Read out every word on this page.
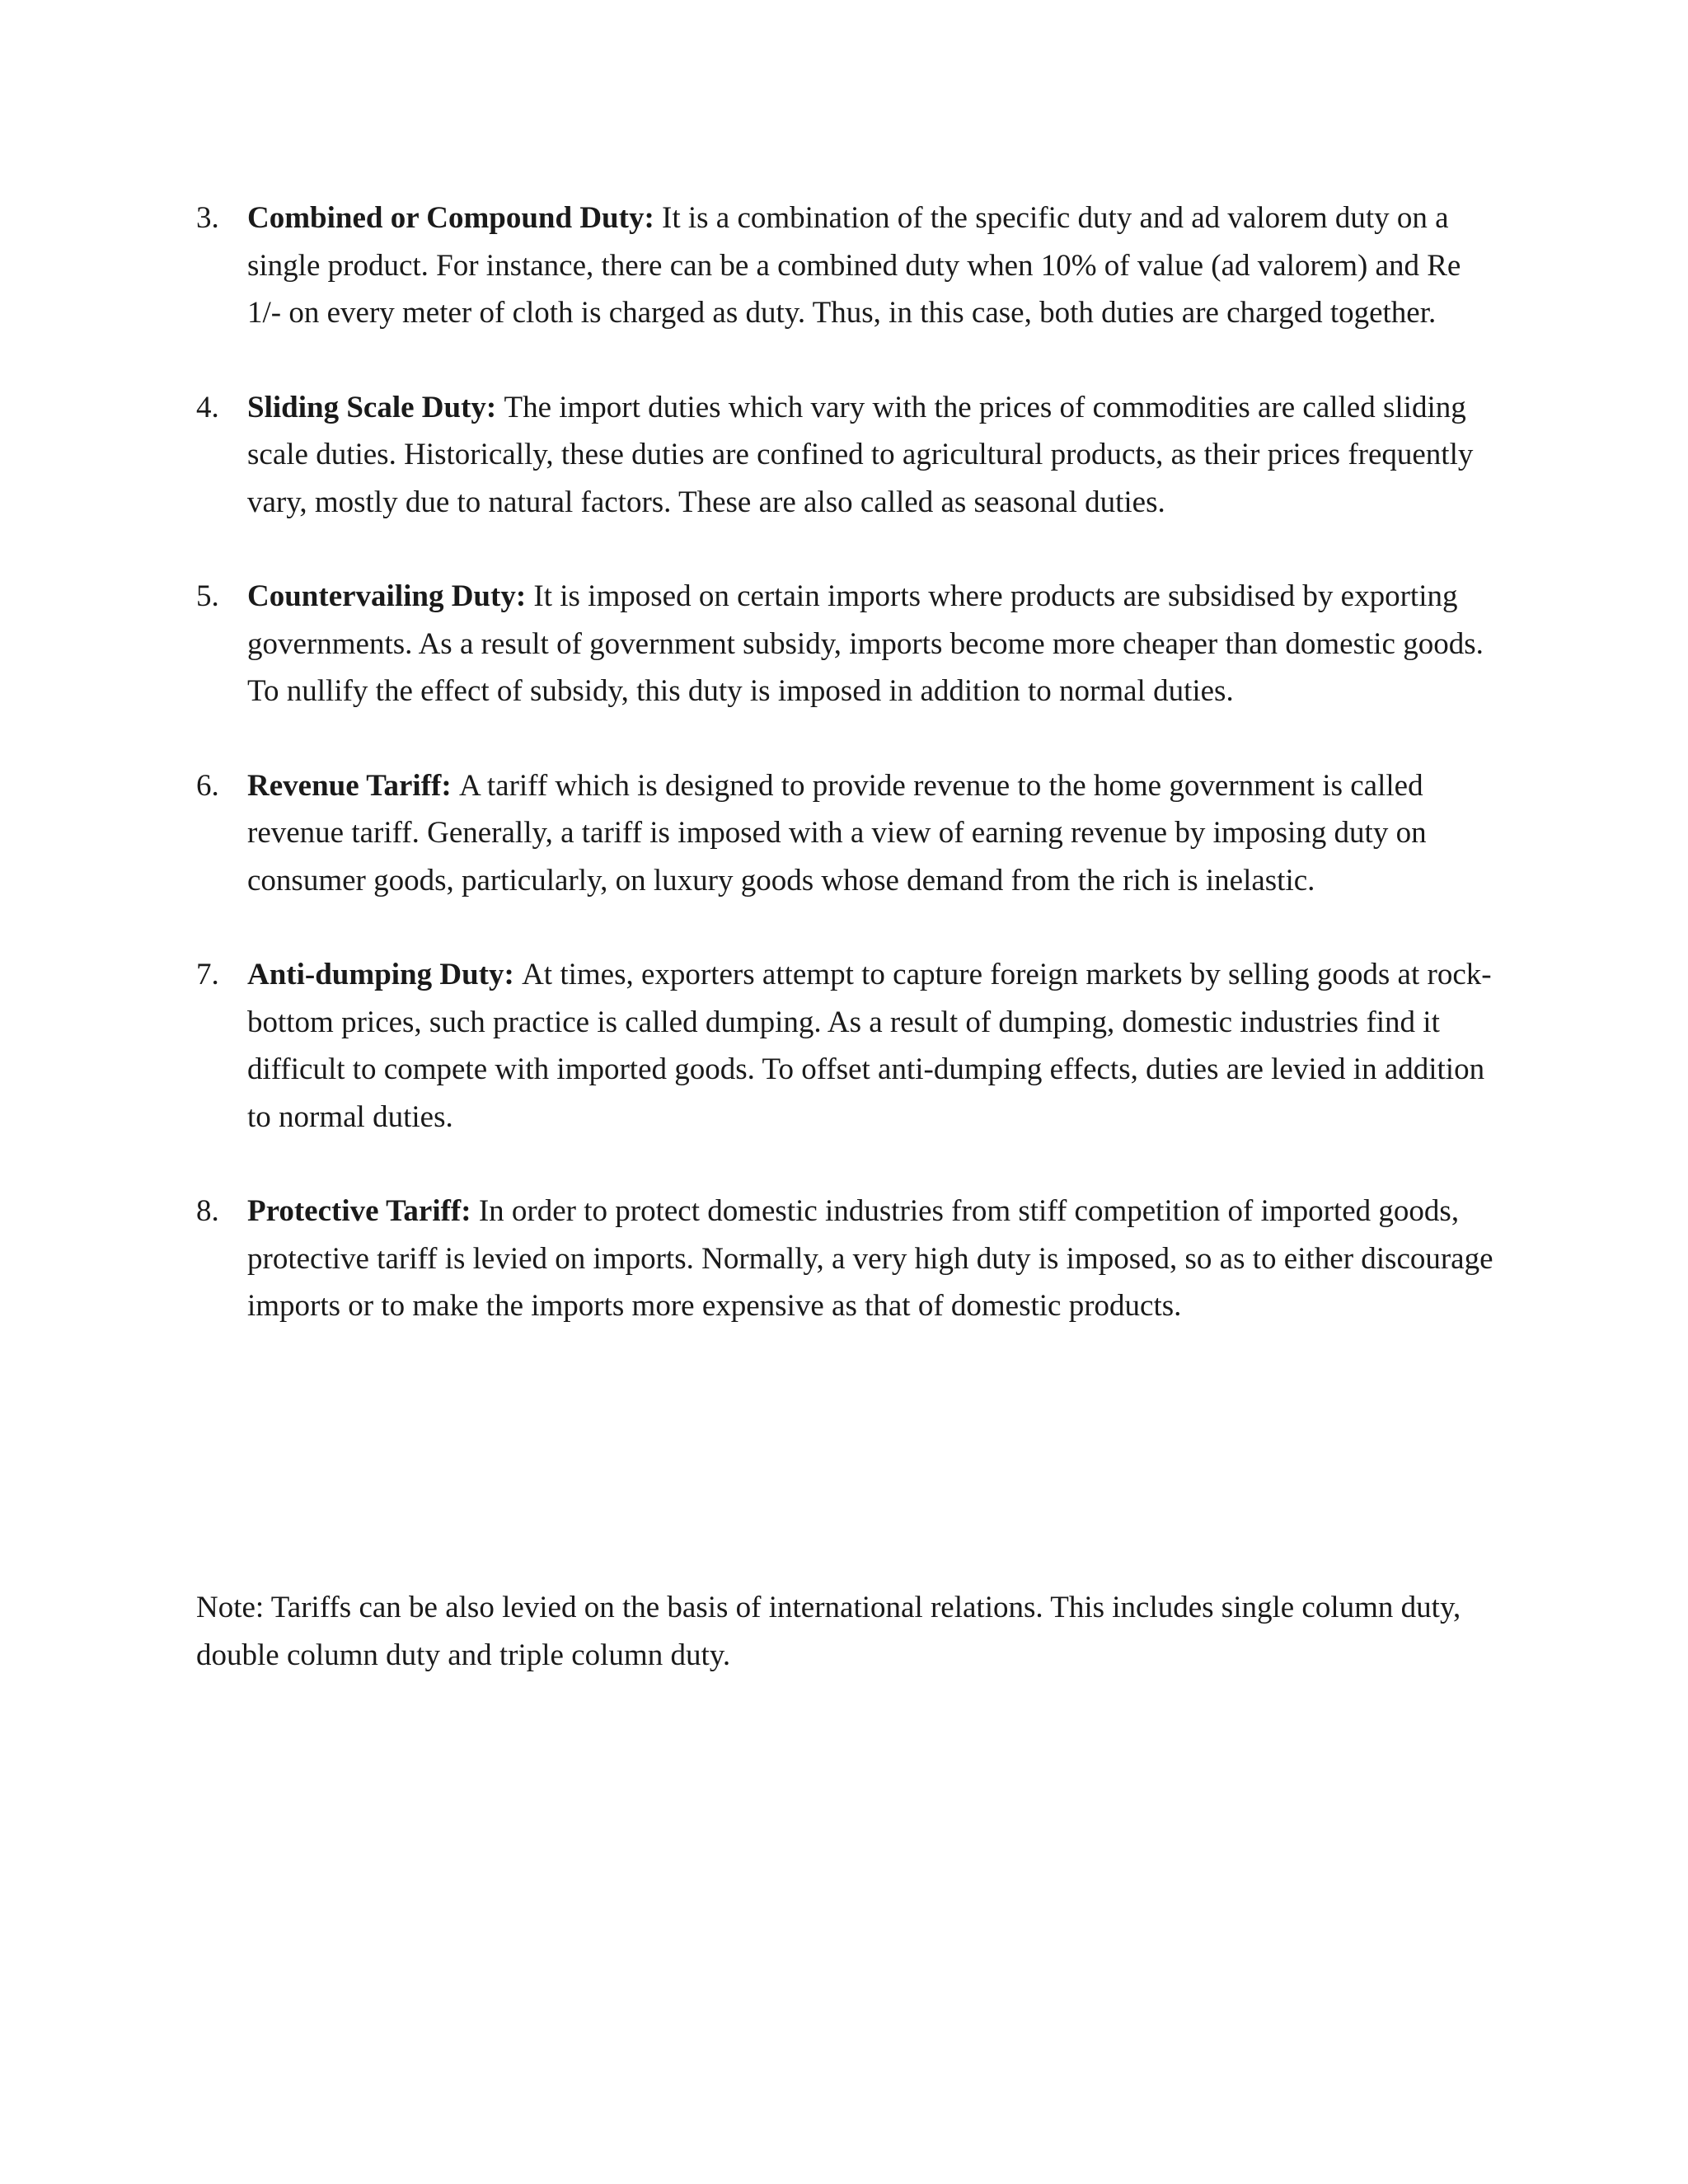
3. Combined or Compound Duty: It is a combination of the specific duty and ad valorem duty on a single product. For instance, there can be a combined duty when 10% of value (ad valorem) and Re 1/- on every meter of cloth is charged as duty. Thus, in this case, both duties are charged together.
4. Sliding Scale Duty: The import duties which vary with the prices of commodities are called sliding scale duties. Historically, these duties are confined to agricultural products, as their prices frequently vary, mostly due to natural factors. These are also called as seasonal duties.
5. Countervailing Duty: It is imposed on certain imports where products are subsidised by exporting governments. As a result of government subsidy, imports become more cheaper than domestic goods. To nullify the effect of subsidy, this duty is imposed in addition to normal duties.
6. Revenue Tariff: A tariff which is designed to provide revenue to the home government is called revenue tariff. Generally, a tariff is imposed with a view of earning revenue by imposing duty on consumer goods, particularly, on luxury goods whose demand from the rich is inelastic.
7. Anti-dumping Duty: At times, exporters attempt to capture foreign markets by selling goods at rock-bottom prices, such practice is called dumping. As a result of dumping, domestic industries find it difficult to compete with imported goods. To offset anti-dumping effects, duties are levied in addition to normal duties.
8. Protective Tariff: In order to protect domestic industries from stiff competition of imported goods, protective tariff is levied on imports. Normally, a very high duty is imposed, so as to either discourage imports or to make the imports more expensive as that of domestic products.

Note: Tariffs can be also levied on the basis of international relations. This includes single column duty, double column duty and triple column duty.
